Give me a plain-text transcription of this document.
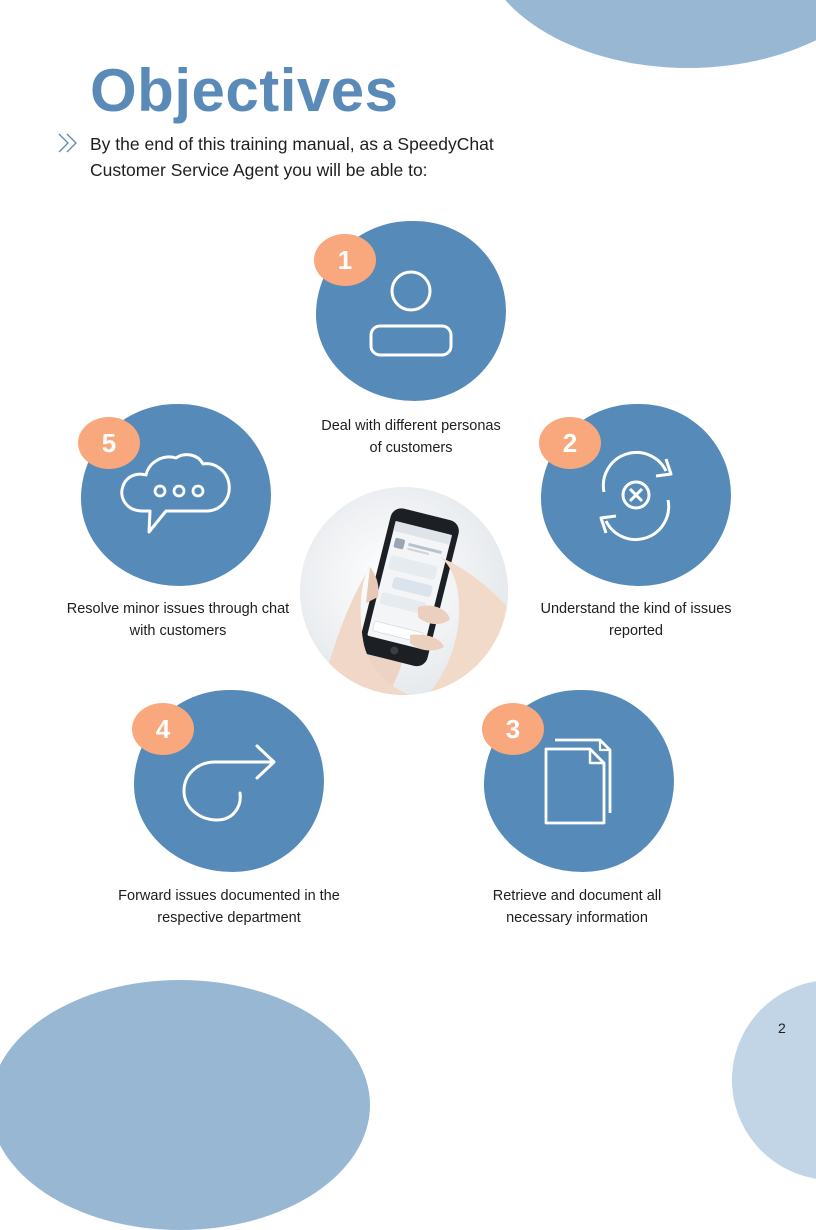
Objectives
By the end of this training manual, as a SpeedyChat Customer Service Agent you will be able to:
1
Deal with different personas of customers
5
Resolve minor issues through chat with customers
2
Understand the kind of issues reported
4
Forward issues documented in the respective department
3
Retrieve and document all necessary information
2
